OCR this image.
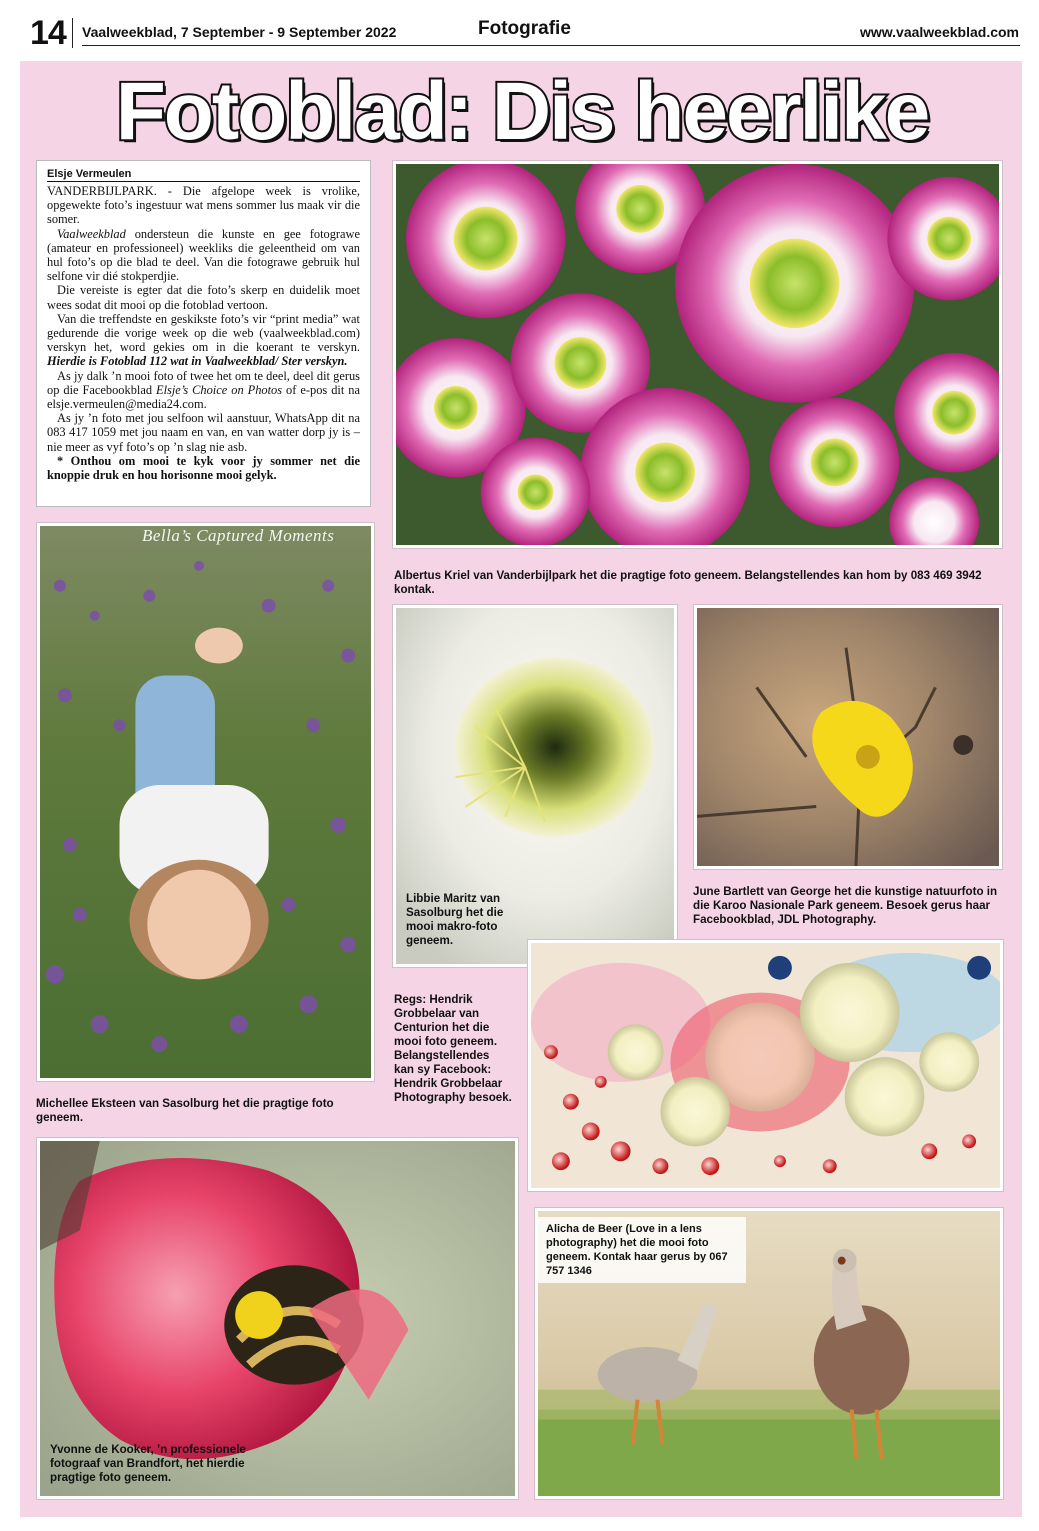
14 Vaalweekblad, 7 September - 9 September 2022	Fotografie	www.vaalweekblad.com
Fotoblad: Dis heerlike
Elsje Vermeulen

VANDERBIJLPARK. - Die afgelope week is vrolike, opgewekte foto’s ingestuur wat mens sommer lus maak vir die somer.

Vaalweekblad ondersteun die kunste en gee fotograwe (amateur en professioneel) weekliks die geleentheid om van hul foto’s op die blad te deel. Van die fotograwe gebruik hul selfone vir dié stokperdjie.

Die vereiste is egter dat die foto’s skerp en duidelik moet wees sodat dit mooi op die fotoblad vertoon.

Van die treffendste en geskikste foto’s vir “print media” wat gedurende die vorige week op die web (vaalweekblad.com) verskyn het, word gekies om in die koerant te verskyn. Hierdie is Fotoblad 112 wat in Vaalweekblad/ Ster verskyn.

As jy dalk ’n mooi foto of twee het om te deel, deel dit gerus op die Facebookblad Elsje’s Choice on Photos of e-pos dit na elsje.vermeulen@media24.com.

As jy ’n foto met jou selfoon wil aanstuur, WhatsApp dit na 083 417 1059 met jou naam en van, en van watter dorp jy is – nie meer as vyf foto’s op ’n slag nie asb.

* Onthou om mooi te kyk voor jy sommer net die knoppie druk en hou horisonne mooi gelyk.

Albertus Kriel van Vanderbijlpark het die pragtige foto geneem. Belangstellendes kan hom by 083 469 3942 kontak.
Bella’s Captured Moments
Michellee Eksteen van Sasolburg het die pragtige foto geneem.
Libbie Maritz van Sasolburg het die mooi makro-foto geneem.
June Bartlett van George het die kunstige natuurfoto in die Karoo Nasionale Park geneem. Besoek gerus haar Facebookblad, JDL Photography.
Regs: Hendrik Grobbelaar van Centurion het die mooi foto geneem. Belangstellendes kan sy Facebook: Hendrik Grobbelaar Photography besoek.
Yvonne de Kooker, ’n professionele fotograaf van Brandfort, het hierdie pragtige foto geneem.
Alicha de Beer (Love in a lens photography) het die mooi foto geneem. Kontak haar gerus by 067 757 1346
